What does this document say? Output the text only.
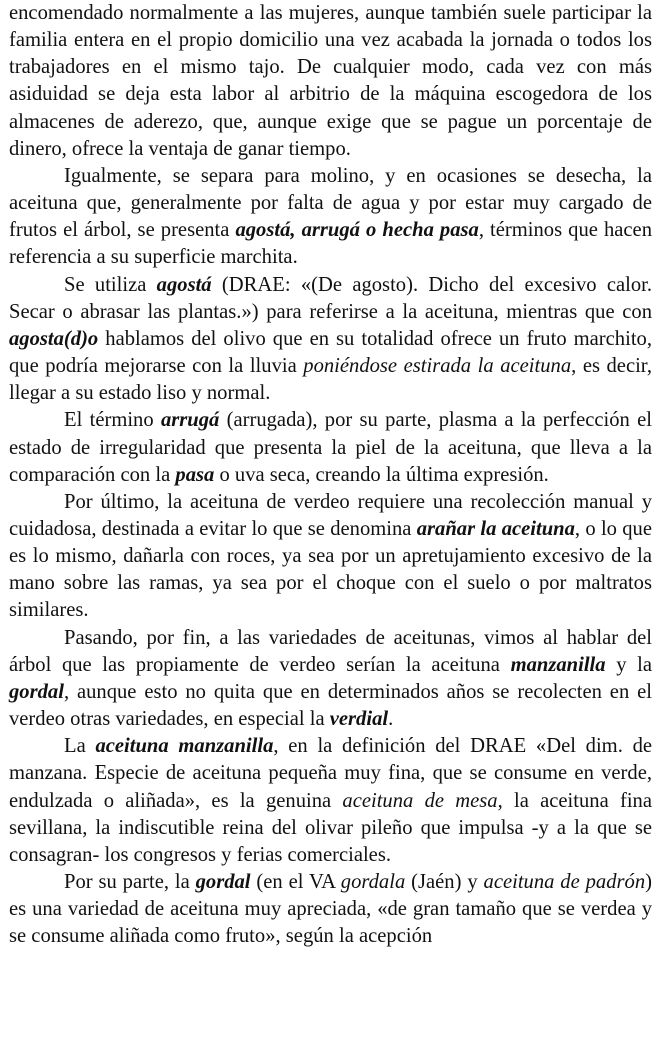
encomendado normalmente a las mujeres, aunque también suele participar la familia entera en el propio domicilio una vez acabada la jornada o todos los trabajadores en el mismo tajo. De cualquier modo, cada vez con más asiduidad se deja esta labor al arbitrio de la máquina escogedora de los almacenes de aderezo, que, aunque exige que se pague un porcentaje de dinero, ofrece la ventaja de ganar tiempo.

Igualmente, se separa para molino, y en ocasiones se desecha, la aceituna que, generalmente por falta de agua y por estar muy cargado de frutos el árbol, se presenta agostá, arrugá o hecha pasa, términos que hacen referencia a su superficie marchita.

Se utiliza agostá (DRAE: «(De agosto). Dicho del excesivo calor. Secar o abrasar las plantas.») para referirse a la aceituna, mientras que con agosta(d)o hablamos del olivo que en su totalidad ofrece un fruto marchito, que podría mejorarse con la lluvia poniéndose estirada la aceituna, es decir, llegar a su estado liso y normal.

El término arrugá (arrugada), por su parte, plasma a la perfección el estado de irregularidad que presenta la piel de la aceituna, que lleva a la comparación con la pasa o uva seca, creando la última expresión.

Por último, la aceituna de verdeo requiere una recolección manual y cuidadosa, destinada a evitar lo que se denomina arañar la aceituna, o lo que es lo mismo, dañarla con roces, ya sea por un apretujamiento excesivo de la mano sobre las ramas, ya sea por el choque con el suelo o por maltratos similares.

Pasando, por fin, a las variedades de aceitunas, vimos al hablar del árbol que las propiamente de verdeo serían la aceituna manzanilla y la gordal, aunque esto no quita que en determinados años se recolecten en el verdeo otras variedades, en especial la verdial.

La aceituna manzanilla, en la definición del DRAE «Del dim. de manzana. Especie de aceituna pequeña muy fina, que se consume en verde, endulzada o aliñada», es la genuina aceituna de mesa, la aceituna fina sevillana, la indiscutible reina del olivar pileño que impulsa -y a la que se consagran- los congresos y ferias comerciales.

Por su parte, la gordal (en el VA gordala (Jaén) y aceituna de padrón) es una variedad de aceituna muy apreciada, «de gran tamaño que se verdea y se consume aliñada como fruto», según la acepción
